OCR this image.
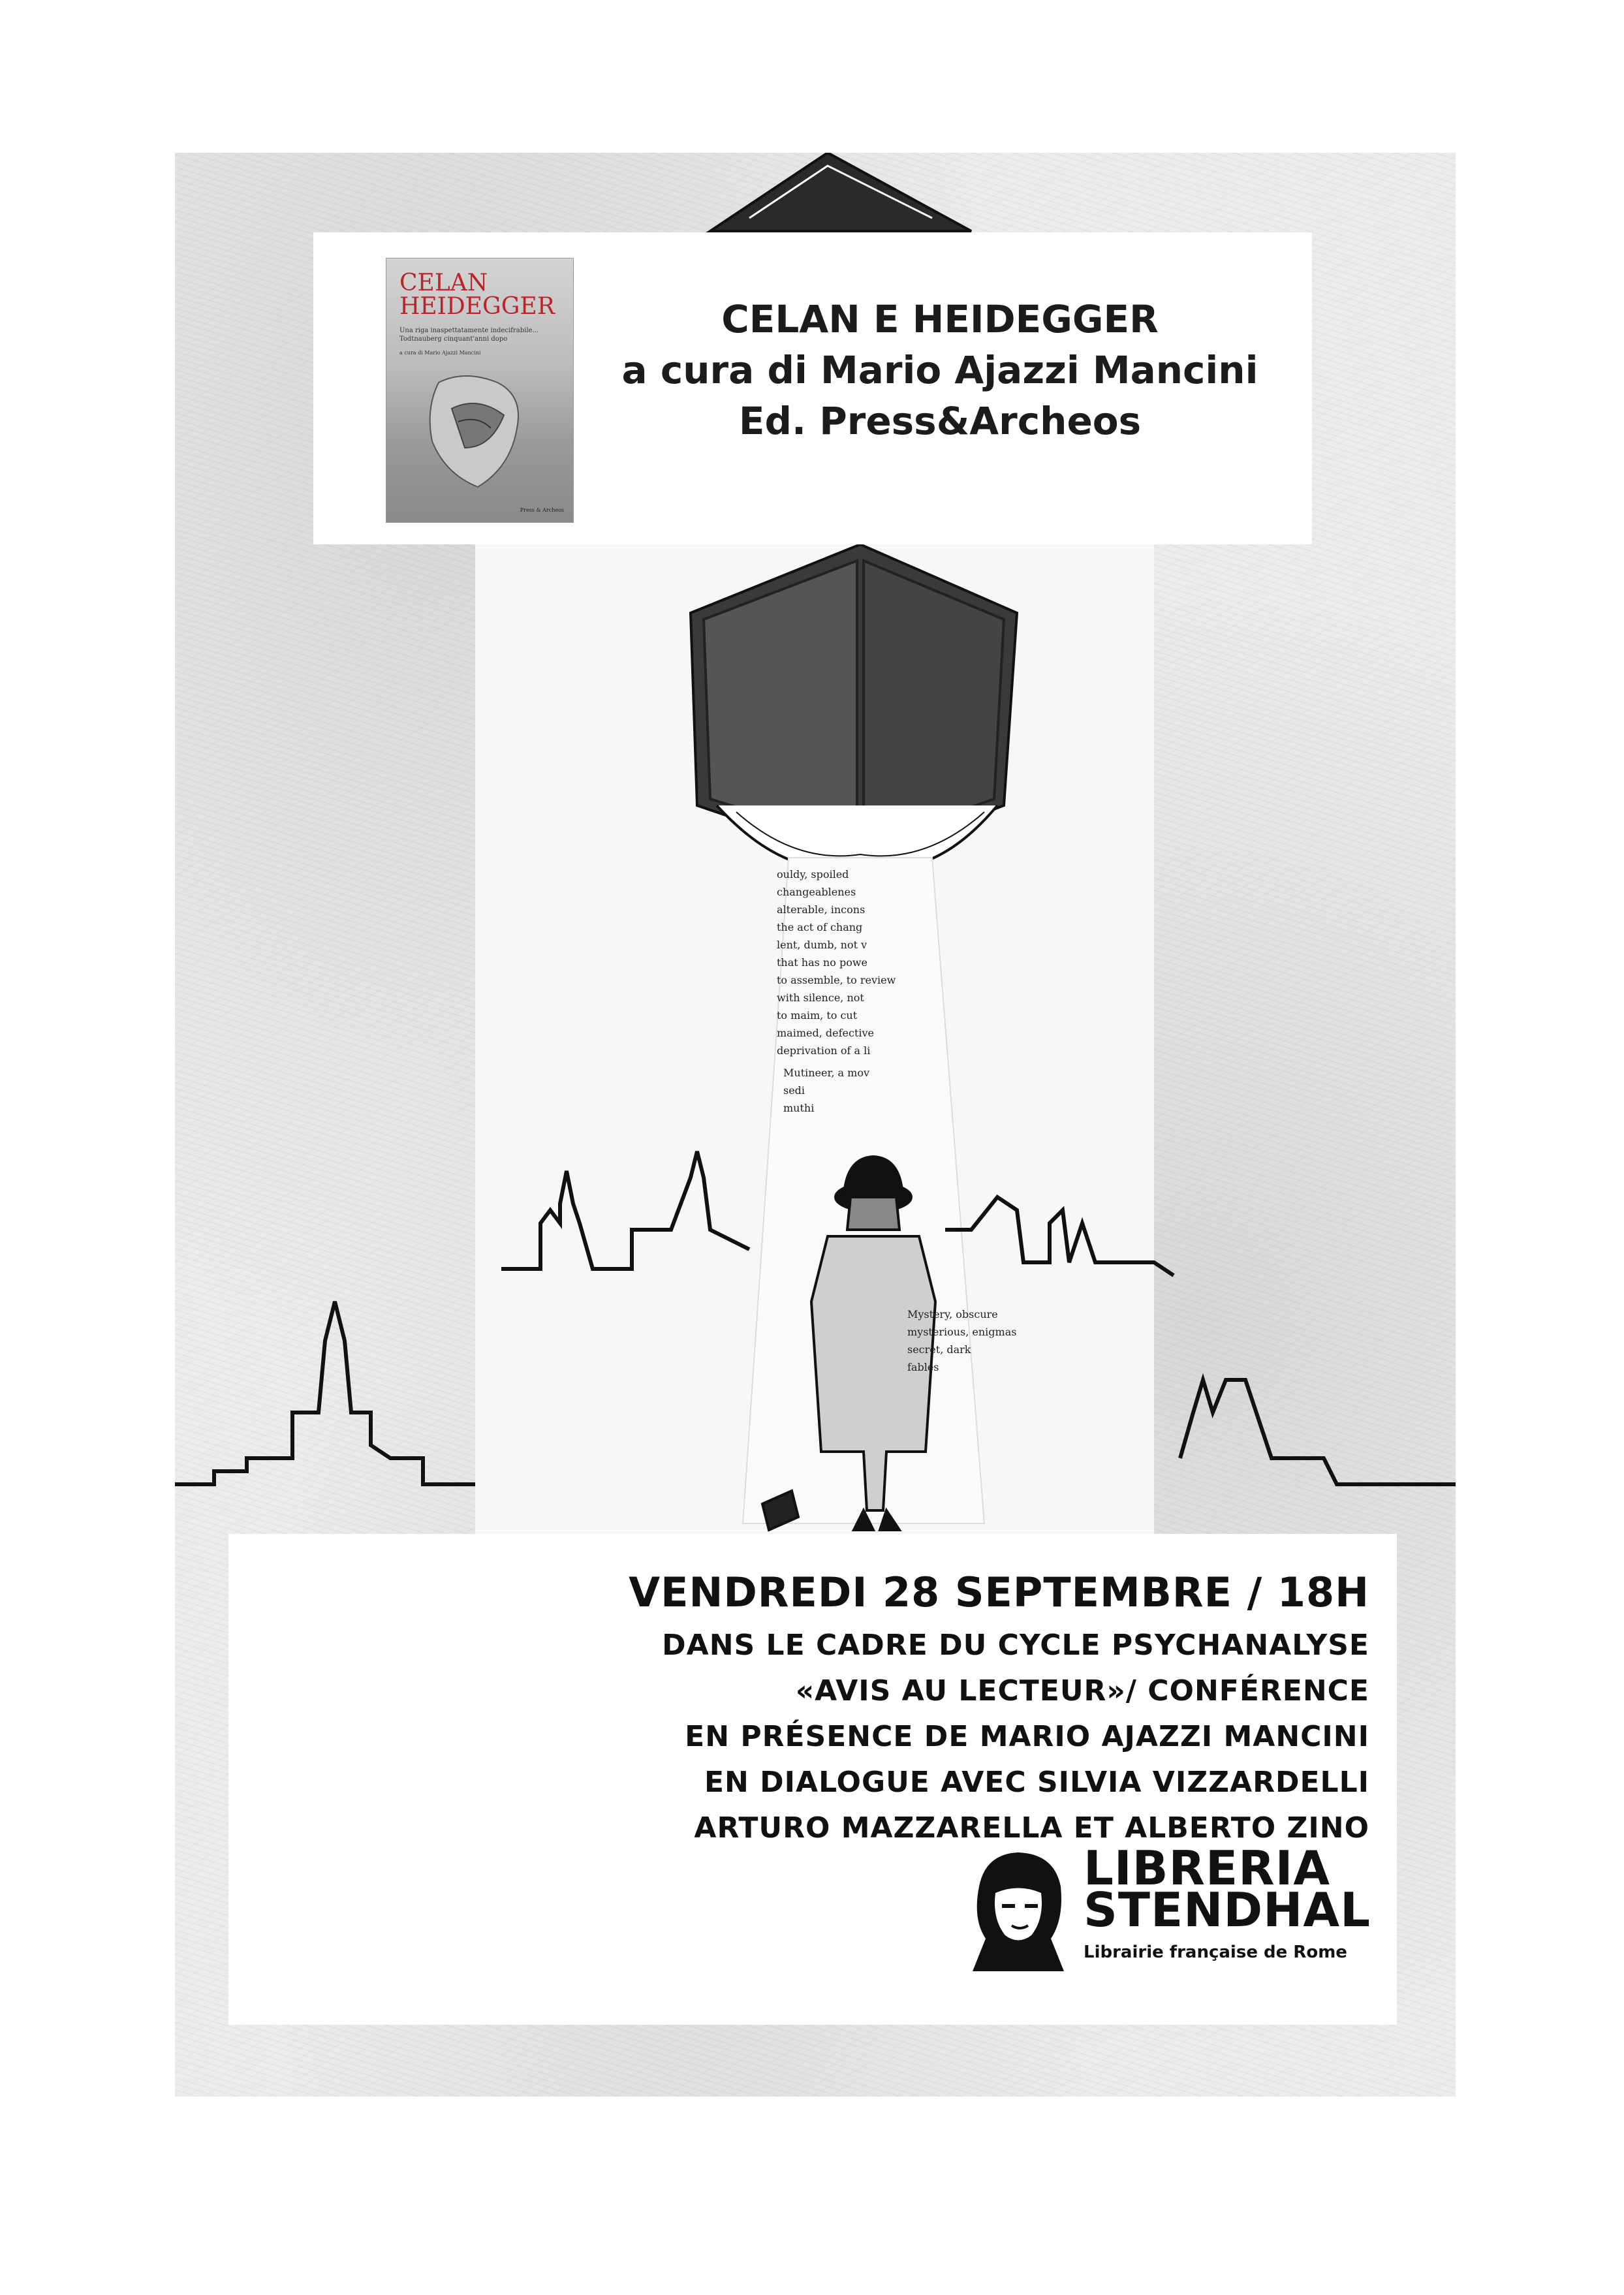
ouldy, spoiled
changeablenes
alterable, incons
the act of chang
lent, dumb, not v
that has no powe
to assemble, to review
with silence, not
to maim, to cut
maimed, defective
deprivation of a li
Mystery, obscure
mysterious, enigmas
secret, dark
fables
Mutineer, a mov
sedi
muthi
CELAN
HEIDEGGER
Una riga inaspettatamente indecifrabile... Todtnauberg cinquant'anni dopo
a cura di Mario Ajazzi Mancini
Press & Archeos
CELAN E HEIDEGGER
a cura di Mario Ajazzi Mancini
Ed. Press&Archeos
VENDREDI 28 SEPTEMBRE / 18H
DANS LE CADRE DU CYCLE PSYCHANALYSE
«AVIS AU LECTEUR»/ CONFÉRENCE
EN PRÉSENCE DE MARIO AJAZZI MANCINI
EN DIALOGUE AVEC SILVIA VIZZARDELLI
ARTURO MAZZARELLA ET ALBERTO ZINO
LIBRERIA
STENDHAL
Librairie française de Rome
